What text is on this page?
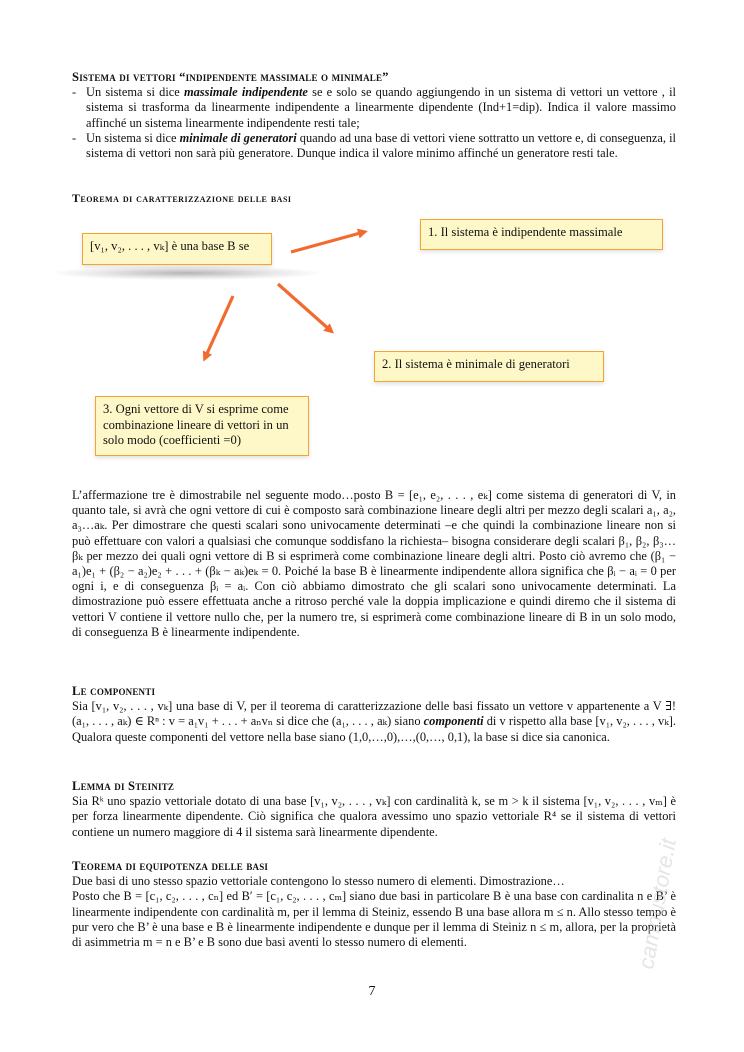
Sistema di vettori “indipendente massimale o minimale”
- Un sistema si dice massimale indipendente se e solo se quando aggiungendo in un sistema di vettori un vettore , il sistema si trasforma da linearmente indipendente a linearmente dipendente (Ind+1=dip). Indica il valore massimo affinché un sistema linearmente indipendente resti tale;
- Un sistema si dice minimale di generatori quando ad una base di vettori viene sottratto un vettore e, di conseguenza, il sistema di vettori non sarà più generatore. Dunque indica il valore minimo affinché un generatore resti tale.
Teorema di caratterizzazione delle basi
[v₁, v₂, . . . , vₖ] è una base B se
1. Il sistema è indipendente massimale
2. Il sistema è minimale di generatori
3. Ogni vettore di V si esprime come combinazione lineare di vettori in un solo modo (coefficienti =0)

L’affermazione tre è dimostrabile nel seguente modo…posto B = [e₁, e₂, . . . , eₖ] come sistema di generatori di V, in quanto tale, si avrà che ogni vettore di cui è composto sarà combinazione lineare degli altri per mezzo degli scalari a₁, a₂, a₃…aₖ. Per dimostrare che questi scalari sono univocamente determinati –e che quindi la combinazione lineare non si può effettuare con valori a qualsiasi che comunque soddisfano la richiesta– bisogna considerare degli scalari β₁, β₂, β₃…βₖ per mezzo dei quali ogni vettore di B si esprimerà come combinazione lineare degli altri. Posto ciò avremo che (β₁ − a₁)e₁ + (β₂ − a₂)e₂ + . . . + (βₖ − aₖ)eₖ = 0. Poiché la base B è linearmente indipendente allora significa che βᵢ − aᵢ = 0 per ogni i, e di conseguenza βᵢ = aᵢ. Con ciò abbiamo dimostrato che gli scalari sono univocamente determinati. La dimostrazione può essere effettuata anche a ritroso perché vale la doppia implicazione e quindi diremo che il sistema di vettori V contiene il vettore nullo che, per la numero tre, si esprimerà come combinazione lineare di B in un solo modo, di conseguenza B è linearmente indipendente.

Le componenti

Sia [v₁, v₂, . . . , vₖ] una base di V, per il teorema di caratterizzazione delle basi fissato un vettore v appartenente a V ∃!(a₁, . . . , aₖ) ∈ Rⁿ : v = a₁v₁ + . . . + aₙvₙ si dice che (a₁, . . . , aₖ) siano componenti di v rispetto alla base [v₁, v₂, . . . , vₖ]. Qualora queste componenti del vettore nella base siano (1,0,…,0),…,(0,…, 0,1), la base si dice sia canonica.

Lemma di Steinitz

Sia Rᵏ uno spazio vettoriale dotato di una base [v₁, v₂, . . . , vₖ] con cardinalità k, se m > k il sistema [v₁, v₂, . . . , vₘ] è per forza linearmente dipendente. Ciò significa che qualora avessimo uno spazio vettoriale R⁴ se il sistema di vettori contiene un numero maggiore di 4 il sistema sarà linearmente dipendente.

Teorema di equipotenza delle basi

Due basi di uno stesso spazio vettoriale contengono lo stesso numero di elementi. Dimostrazione…

Posto che B = [c₁, c₂, . . . , cₙ] ed B′ = [c₁, c₂, . . . , cₘ] siano due basi in particolare B è una base con cardinalita n e B’ è linearmente indipendente con cardinalità m, per il lemma di Steiniz, essendo B una base allora m ≤ n. Allo stesso tempo è pur vero che B’ è una base e B è linearmente indipendente e dunque per il lemma di Steiniz n ≤ m, allora, per la proprietà di asimmetria m = n e B’ e B sono due basi aventi lo stesso numero di elementi.	campustore.it
7
